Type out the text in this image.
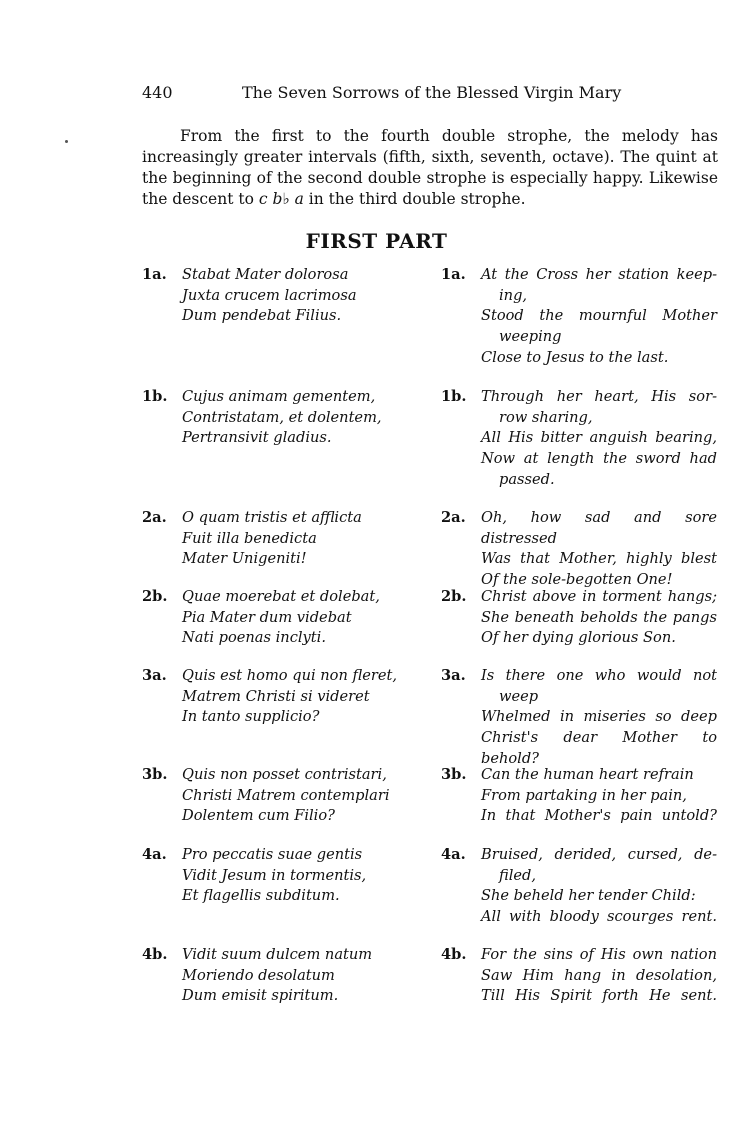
440	The Seven Sorrows of the Blessed Virgin Mary

From the first to the fourth double strophe, the melody has increasingly greater intervals (fifth, sixth, seventh, octave). The quint at the beginning of the second double strophe is especially happy. Likewise the descent to c b♭ a in the third double strophe.

FIRST PART
1a. Stabat Mater dolorosa
Juxta crucem lacrimosa
Dum pendebat Filius.
1a. At the Cross her station keep-
ing,
Stood the mournful Mother
weeping
Close to Jesus to the last.
1b. Cujus animam gementem,
Contristatam, et dolentem,
Pertransivit gladius.
1b. Through her heart, His sor-
row sharing,
All His bitter anguish bearing,
Now at length the sword had
passed.
2a. O quam tristis et afflicta
Fuit illa benedicta
Mater Unigeniti!
2a. Oh, how sad and sore distressed
Was that Mother, highly blest
Of the sole-begotten One!
2b. Quae moerebat et dolebat,
Pia Mater dum videbat
Nati poenas inclyti.
2b. Christ above in torment hangs;
She beneath beholds the pangs
Of her dying glorious Son.
3a. Quis est homo qui non fleret,
Matrem Christi si videret
In tanto supplicio?
3a. Is there one who would not
weep
Whelmed in miseries so deep
Christ's dear Mother to behold?
3b. Quis non posset contristari,
Christi Matrem contemplari
Dolentem cum Filio?
3b. Can the human heart refrain
From partaking in her pain,
In that Mother's pain untold?
4a. Pro peccatis suae gentis
Vidit Jesum in tormentis,
Et flagellis subditum.
4a. Bruised, derided, cursed, de-
filed,
She beheld her tender Child:
All with bloody scourges rent.
4b. Vidit suum dulcem natum
Moriendo desolatum
Dum emisit spiritum.
4b. For the sins of His own nation
Saw Him hang in desolation,
Till His Spirit forth He sent.
